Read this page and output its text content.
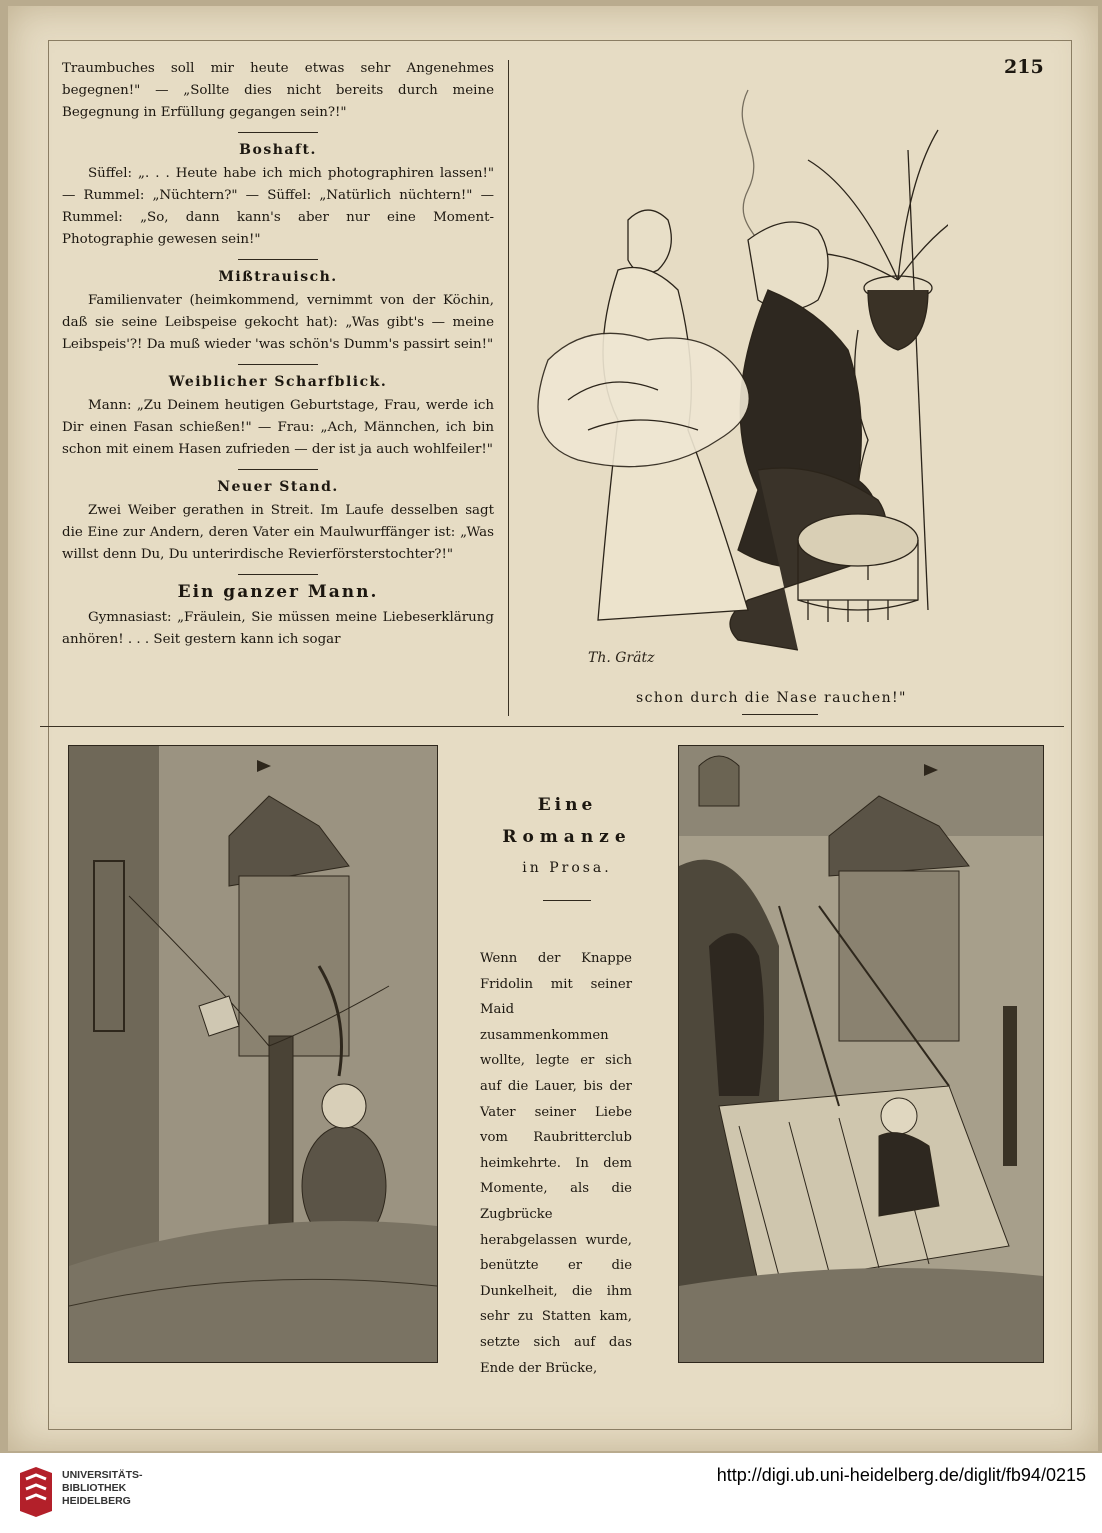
215

Traumbuches soll mir heute etwas sehr Angenehmes begegnen!" — „Sollte dies nicht bereits durch meine Begegnung in Erfüllung gegangen sein?!"

Boshaft.

Süffel: „. . . Heute habe ich mich photographiren lassen!" — Rummel: „Nüchtern?" — Süffel: „Natürlich nüchtern!" — Rummel: „So, dann kann's aber nur eine Moment-Photographie gewesen sein!"

Mißtrauisch.

Familienvater (heimkommend, vernimmt von der Köchin, daß sie seine Leibspeise gekocht hat): „Was gibt's — meine Leibspeis'?! Da muß wieder 'was schön's Dumm's passirt sein!"

Weiblicher Scharfblick.

Mann: „Zu Deinem heutigen Geburtstage, Frau, werde ich Dir einen Fasan schießen!" — Frau: „Ach, Männchen, ich bin schon mit einem Hasen zufrieden — der ist ja auch wohlfeiler!"

Neuer Stand.

Zwei Weiber gerathen in Streit. Im Laufe desselben sagt die Eine zur Andern, deren Vater ein Maulwurffänger ist: „Was willst denn Du, Du unterirdische Revierförsterstochter?!"

Ein ganzer Mann.

Gymnasiast: „Fräulein, Sie müssen meine Liebeserklärung anhören! . . . Seit gestern kann ich sogar

Th. Grätz
schon durch die Nase rauchen!"
Eine
Romanze
in Prosa.
Wenn der Knappe Fridolin mit seiner Maid zusammenkommen wollte, legte er sich auf die Lauer, bis der Vater seiner Liebe vom Raubritterclub heimkehrte. In dem Momente, als die Zugbrücke herabgelassen wurde, benützte er die Dunkelheit, die ihm sehr zu Statten kam, setzte sich auf das Ende der Brücke,
UNIVERSITÄTS-
BIBLIOTHEK
HEIDELBERG
http://digi.ub.uni-heidelberg.de/diglit/fb94/0215
